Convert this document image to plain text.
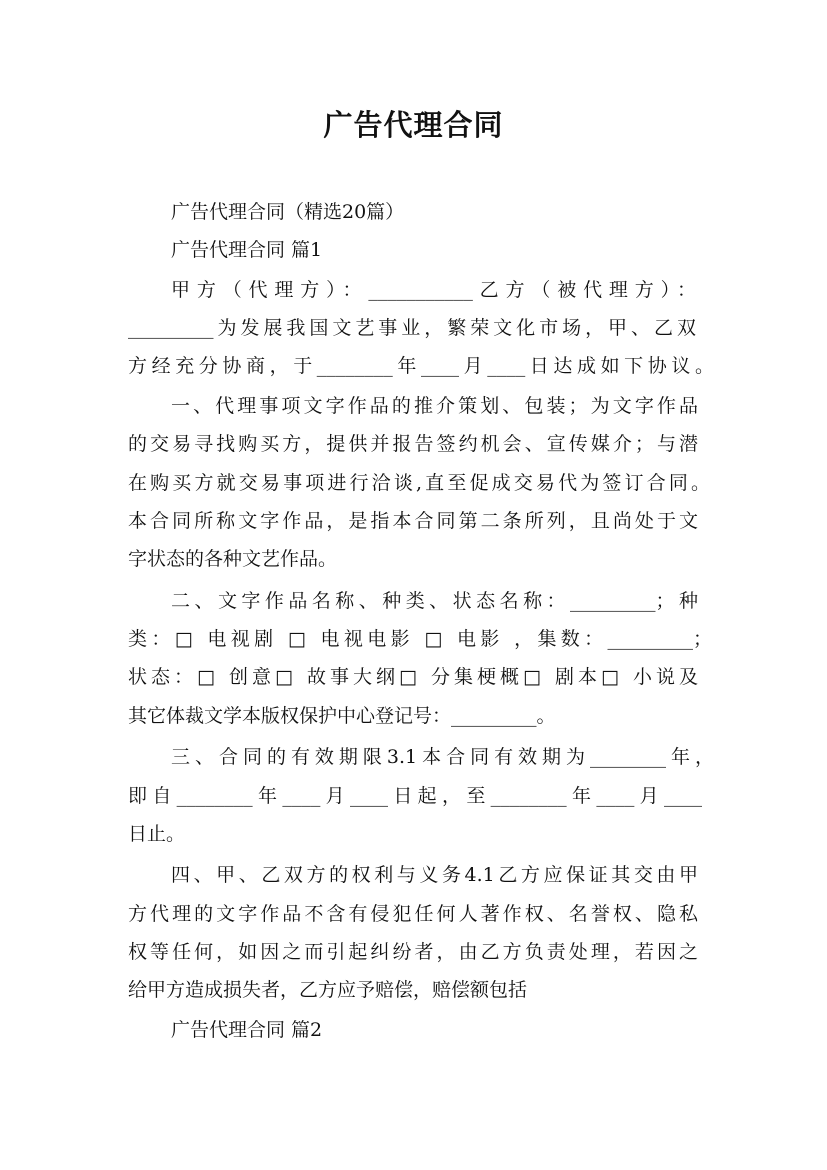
广告代理合同
广告代理合同（精选20篇）
广告代理合同 篇1
甲方（代理方）：___________乙方（被代理方）：
_________为发展我国文艺事业，繁荣文化市场，甲、乙双
方经充分协商，于________年____月____日达成如下协议。
一、代理事项文字作品的推介策划、包装；为文字作品
的交易寻找购买方，提供并报告签约机会、宣传媒介；与潜
在购买方就交易事项进行洽谈,直至促成交易代为签订合同。
本合同所称文字作品，是指本合同第二条所列，且尚处于文
字状态的各种文艺作品。
二、文字作品名称、种类、状态名称：_________；种
类：□ 电视剧 □ 电视电影 □ 电影 ，集数：_________；
状态：□ 创意□ 故事大纲□ 分集梗概□ 剧本□ 小说及
其它体裁文学本版权保护中心登记号：_________。
三、合同的有效期限3.1本合同有效期为________年，
即自________年____月____日起，至________年____月____
日止。
四、甲、乙双方的权利与义务4.1乙方应保证其交由甲
方代理的文字作品不含有侵犯任何人著作权、名誉权、隐私
权等任何，如因之而引起纠纷者，由乙方负责处理，若因之
给甲方造成损失者，乙方应予赔偿，赔偿额包括
广告代理合同 篇2
